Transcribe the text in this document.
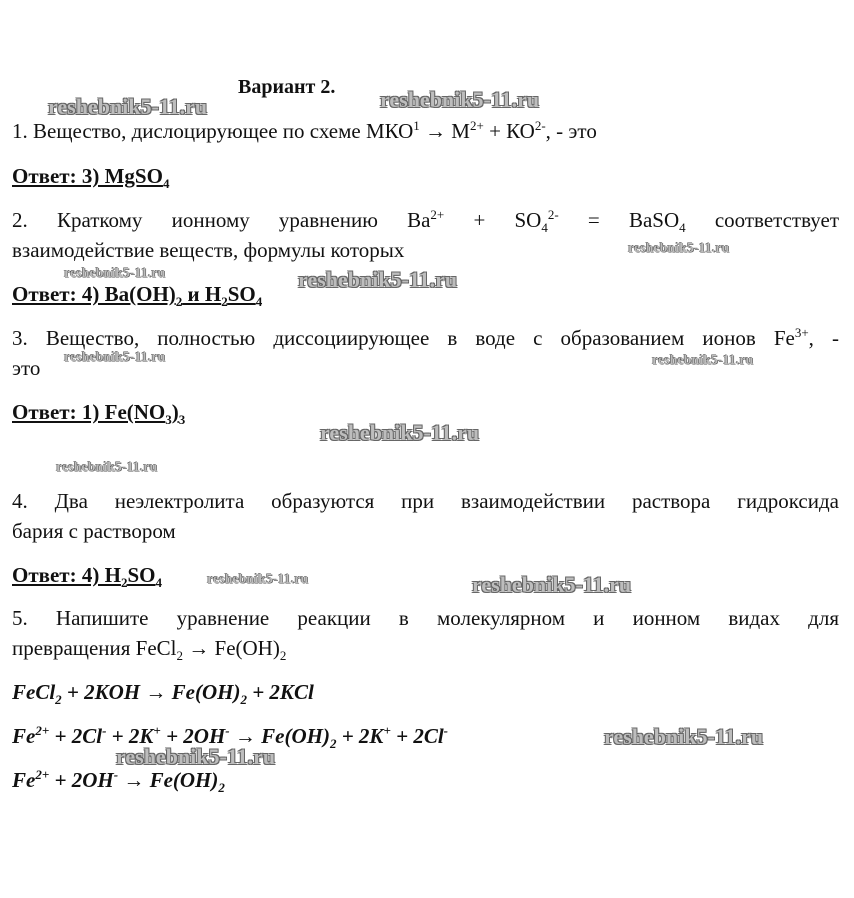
Вариант 2.
1. Вещество, дислоцирующее по схеме $МКО^1 \to М^{2+} + КО^{2-}$, - это
Ответ: 3) MgSO$_4$
2. Краткому ионному уравнению $Ва^{2+} + SO_4^{2-}$ = BaSO$_4$ соответствует
взаимодействие веществ, формулы которых
Ответ: 4) $Ва(ОН)_2$ и $H_2SO_4$
3. Вещество, полностью диссоциирующее в воде с образованием ионов $Fe^{3+}$, -
это
Ответ: 1) $Fe(NO_3)_3$
4. Два неэлектролита образуются при взаимодействии раствора гидроксида
бария с раствором
Ответ: 4) $H_2SO_4$
5. Напишите уравнение реакции в молекулярном и ионном видах для
превращения FeCl$_2$ → $Fe(OH)_2$
FeCl$_2$ + $2KOH \to Fe(OH)_2 + 2KCl$
$Fe^{2+} + 2Cl^- + 2K^+ + 2OH^- \to Fe(OH)_2 + 2K^+ + 2Cl^-$
$Fe^{2+} + 2OH^- \to Fe(OH)_2$
reshebnik5-11.ru	reshebnik5-11.ru
reshebnik5-11.ru
reshebnik5-11.ru	reshebnik5-11.ru
reshebnik5-11.ru	reshebnik5-11.ru
reshebnik5-11.ru
reshebnik5-11.ru
reshebnik5-11.ru	reshebnik5-11.ru
reshebnik5-11.ru
reshebnik5-11.ru
